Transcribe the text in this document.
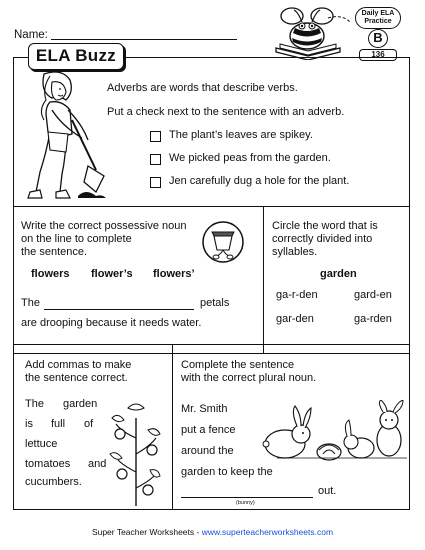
Name:
Daily ELA
Practice
B
136
ELA Buzz
Adverbs are words that describe verbs.
Put a check next to the sentence with an adverb.
The plant’s leaves are spikey.
We picked peas from the garden.
Jen carefully dug a hole for the plant.
Write the correct possessive noun
on the line to complete
the sentence.
flowers flower’s flowers’
The	petals
are drooping because it needs water.
Circle the word that is
correctly divided into
syllables.
garden
ga-r-den	gard-en
gar-den	ga-rden
Add commas to make
the sentence correct.
The garden
is full of
lettuce
tomatoes and
cucumbers.
Complete the sentence
with the correct plural noun.
Mr. Smith
put a fence
around the
garden to keep the
out.
(bunny)
Super Teacher Worksheets - www.superteacherworksheets.com
